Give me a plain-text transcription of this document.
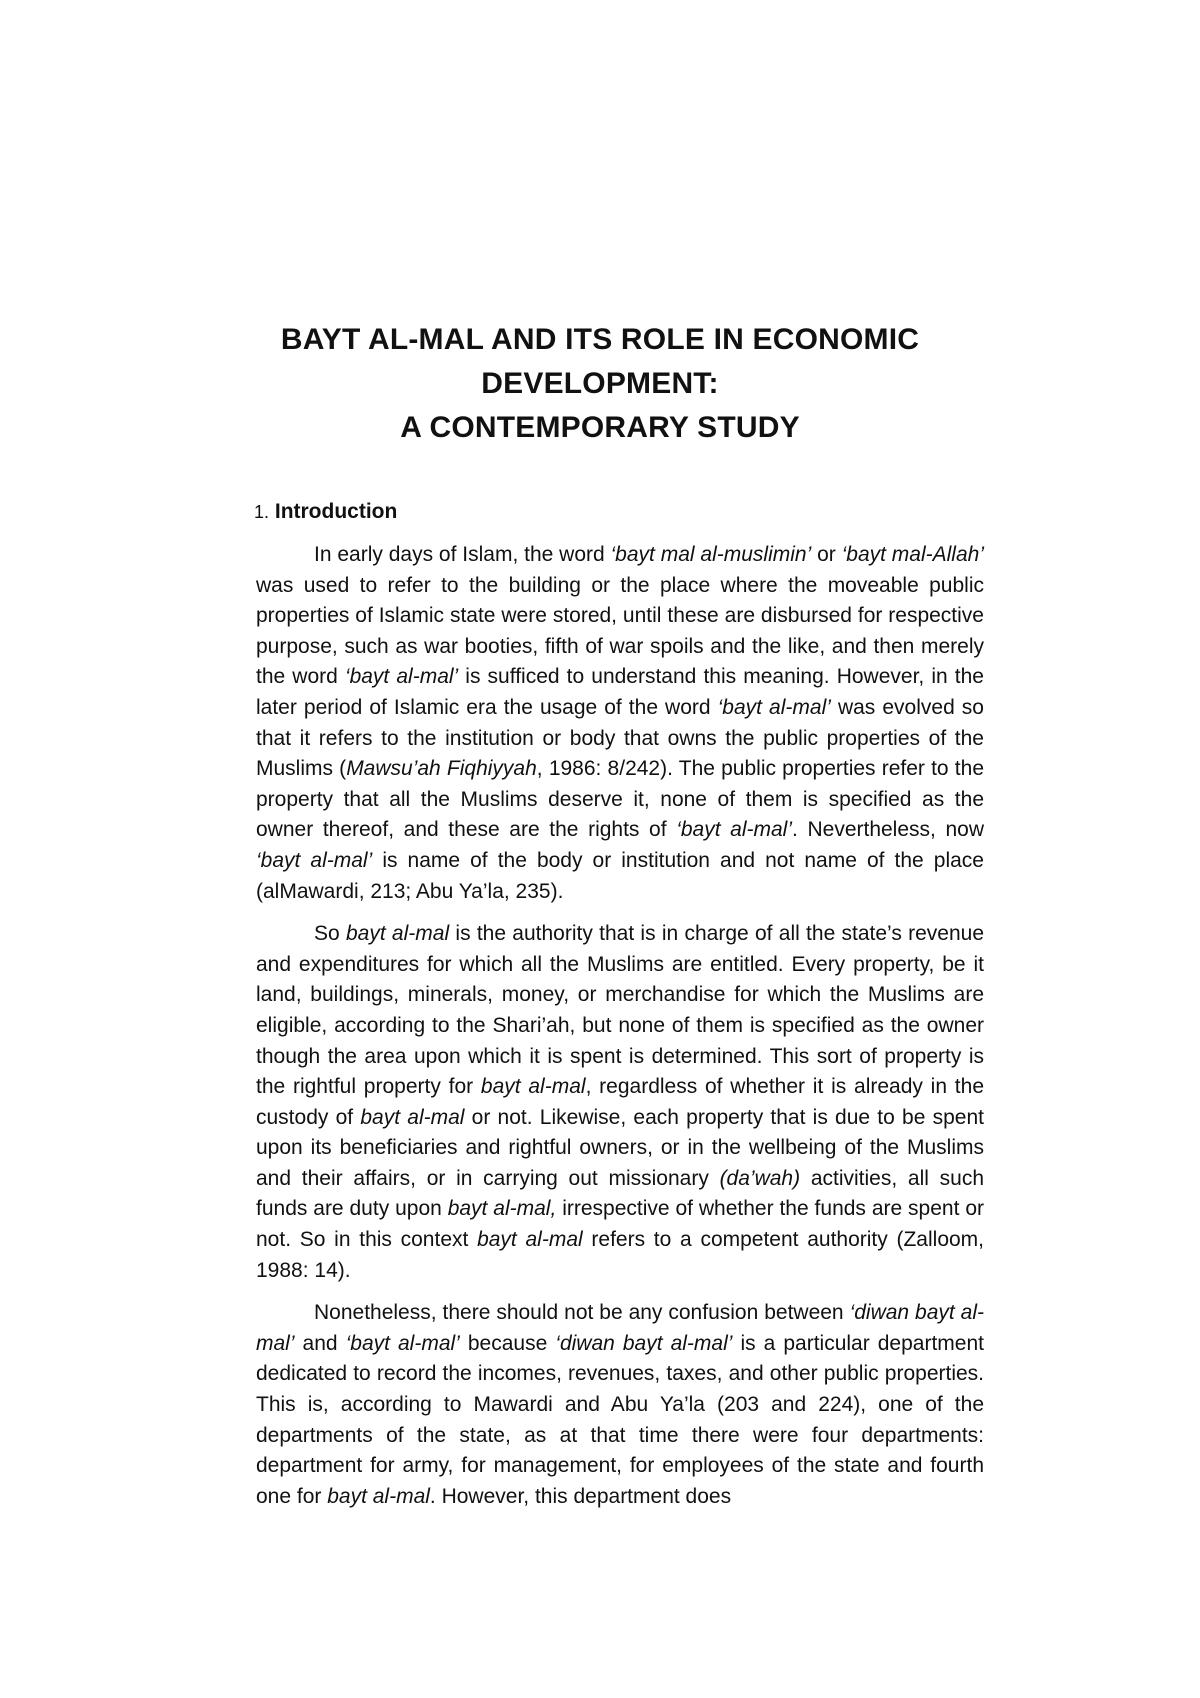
BAYT AL-MAL AND ITS ROLE IN ECONOMIC
DEVELOPMENT:
A CONTEMPORARY STUDY
1. Introduction

In early days of Islam, the word ‘bayt mal al-muslimin’ or ‘bayt mal-Allah’ was used to refer to the building or the place where the moveable public properties of Islamic state were stored, until these are disbursed for respective purpose, such as war booties, fifth of war spoils and the like, and then merely the word ‘bayt al-mal’ is sufficed to understand this meaning. However, in the later period of Islamic era the usage of the word ‘bayt al-mal’ was evolved so that it refers to the institution or body that owns the public properties of the Muslims (Mawsu’ah Fiqhiyyah, 1986: 8/242). The public properties refer to the property that all the Muslims deserve it, none of them is specified as the owner thereof, and these are the rights of ‘bayt al-mal’. Nevertheless, now ‘bayt al-mal’ is name of the body or institution and not name of the place (alMawardi, 213; Abu Ya’la, 235).

So bayt al-mal is the authority that is in charge of all the state’s revenue and expenditures for which all the Muslims are entitled. Every property, be it land, buildings, minerals, money, or merchandise for which the Muslims are eligible, according to the Shari’ah, but none of them is specified as the owner though the area upon which it is spent is determined. This sort of property is the rightful property for bayt al-mal, regardless of whether it is already in the custody of bayt al-mal or not. Likewise, each property that is due to be spent upon its beneficiaries and rightful owners, or in the wellbeing of the Muslims and their affairs, or in carrying out missionary (da’wah) activities, all such funds are duty upon bayt al-mal, irrespective of whether the funds are spent or not. So in this context bayt al-mal refers to a competent authority (Zalloom, 1988: 14).

Nonetheless, there should not be any confusion between ‘diwan bayt al-mal’ and ‘bayt al-mal’ because ‘diwan bayt al-mal’ is a particular department dedicated to record the incomes, revenues, taxes, and other public properties. This is, according to Mawardi and Abu Ya’la (203 and 224), one of the departments of the state, as at that time there were four departments: department for army, for management, for employees of the state and fourth one for bayt al-mal. However, this department does
